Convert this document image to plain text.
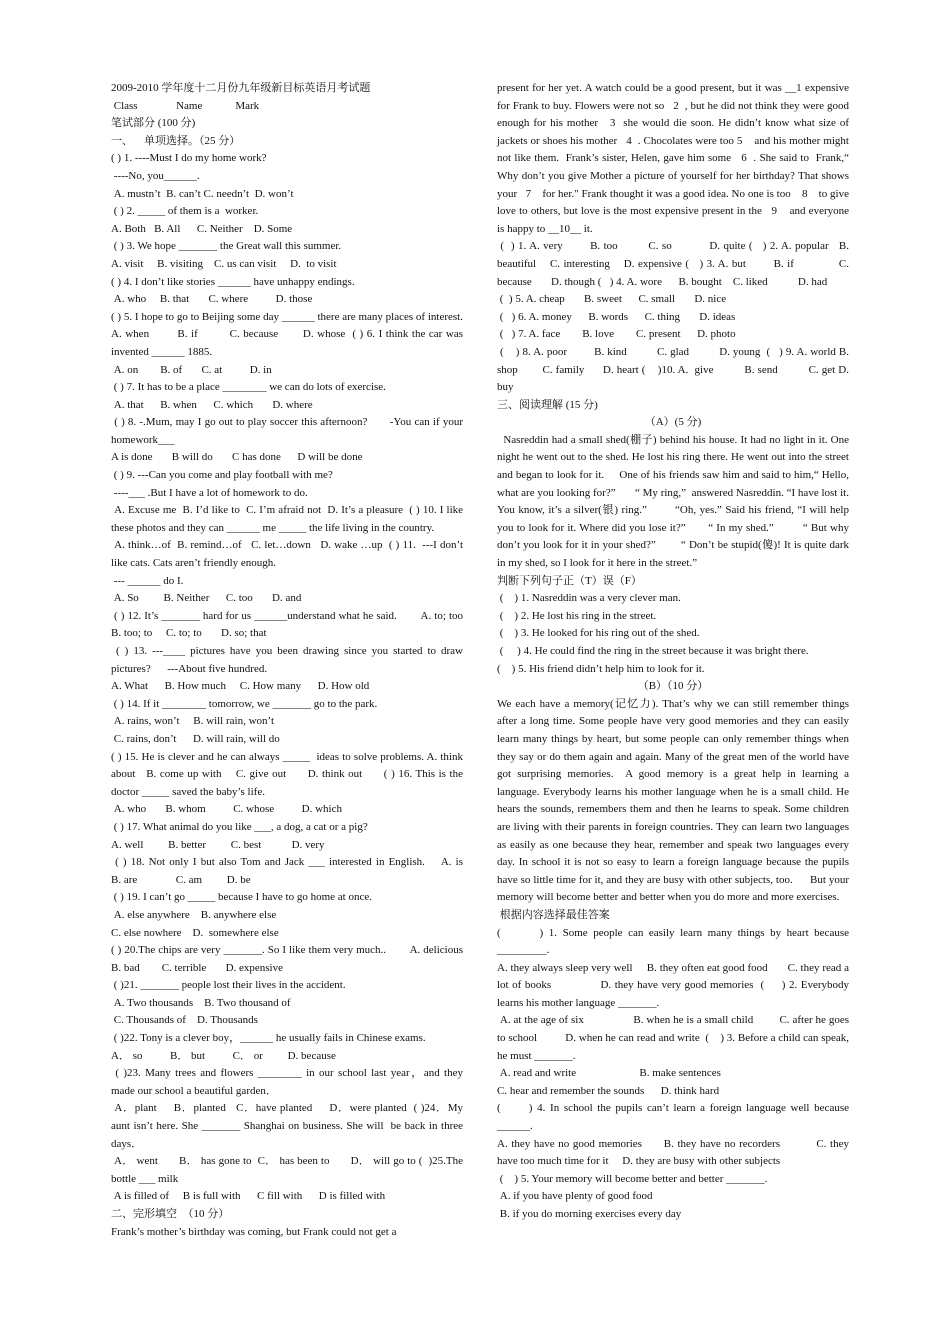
2009-2010 学年度十二月份九年级新目标英语月考试题
Class              Name            Mark
笔试部分 (100 分)
一、    单项选择。（25 分）
( ) 1. ----Must I do my home work?
----No, you______.
A. mustn’t  B. can’t C. needn’t  D. won’t
( ) 2. _____ of them is a  worker.
A. Both   B. All      C. Neither    D. Some
( ) 3. We hope _______ the Great wall this summer.
A. visit     B. visiting    C. us can visit     D.  to visit
( ) 4. I don’t like stories ______ have unhappy endings.
A. who     B. that       C. where          D. those
( ) 5. I hope to go to Beijing some day ______ there are many places of interest.   A. when        B. if         C. because       D. whose  ( ) 6. I think the car was invented ______ 1885.
A. on        B. of       C. at          D. in
( ) 7. It has to be a place ________ we can do lots of exercise.
A. that      B. when      C. which       D. where
( ) 8. -.Mum, may I go out to play soccer this afternoon?       -You can if your homework___
A is done       B will do       C has done      D will be done
( ) 9. ---Can you come and play football with me?
----___ .But I have a lot of homework to do.
A. Excuse me  B. I’d like to  C. I’m afraid not  D. It’s a pleasure  ( ) 10. I like these photos and they can ______ me _____ the life living in the country.
A. think…of  B. remind…of   C. let…down   D. wake …up  ( ) 11.  ---I don’t like cats. Cats aren’t friendly enough.
--- ______ do I.
A. So         B. Neither      C. too       D. and
( ) 12. It’s _______ hard for us ______understand what he said.        A. to; too    B. too; to     C. to; to       D. so; that
( ) 13. ---____ pictures have you been drawing since you started to draw pictures?      ---About five hundred.
A. What      B. How much     C. How many      D. How old
( ) 14. If it ________ tomorrow, we _______ go to the park.
A. rains, won’t     B. will rain, won’t
C. rains, don’t      D. will rain, will do
( ) 15. He is clever and he can always _____  ideas to solve problems. A. think about   B. come up with    C. give out      D. think out      ( ) 16. This is the doctor _____ saved the baby’s life.
A. who       B. whom          C. whose          D. which
( ) 17. What animal do you like ___, a dog, a cat or a pig?
A. well         B. better         C. best           D. very
( ) 18. Not only I but also Tom and Jack ___ interested in English.    A. is            B. are              C. am         D. be
( ) 19. I can’t go _____ because I have to go home at once.
A. else anywhere    B. anywhere else
C. else nowhere    D.  somewhere else
( ) 20.The chips are very _______. So I like them very much..        A. delicious    B. bad        C. terrible       D. expensive
( )21. _______ people lost their lives in the accident.
A. Two thousands    B. Two thousand of
C. Thousands of    D. Thousands
( )22. Tony is a clever boy，______ he usually fails in Chinese exams.
A． so          B． but          C． or         D. because
( )23. Many trees and flowers ________ in our school last year，and they made our school a beautiful garden．
A．plant     B．planted   C．have planted     D．were planted  ( )24．My aunt isn’t here. She _______ Shanghai on business. She will  be back in three days．
A． went       B． has gone to  C． has been to       D． will go to (  )25.The bottle ___ milk
A is filled of     B is full with      C fill with      D is filled with
二、完形填空  （10 分）
Frank’s mother’s birthday was coming, but Frank could not get a
present for her yet. A watch could be a good present, but it was __1 expensive for Frank to buy. Flowers were not so   2  , but he did not think they were good enough for his mother   3  she would die soon. He didn’t know what size of jackets or shoes his mother   4  . Chocolates were too 5    and his mother might not like them.  Frank’s sister, Helen, gave him some   6  . She said to  Frank,“ Why don’t you give Mother a picture of yourself for her birthday? That shows your   7    for her." Frank thought it was a good idea. No one is too    8    to give love to others, but love is the most expensive present in the   9    and everyone is happy to __10__ it.
(  ) 1. A. very        B. too         C. so           D. quite (   ) 2. A. popular   B. beautiful    C. interesting    D. expensive (   ) 3. A. but        B. if             C. because       D. though (   ) 4. A. wore      B. bought    C. liked           D. had
(  ) 5. A. cheap       B. sweet      C. small       D. nice
(   ) 6. A. money      B. words      C. thing       D. ideas
(   ) 7. A. face        B. love        C. present      D. photo
(    ) 8. A. poor         B. kind          C. glad          D. young  (   ) 9. A. world B. shop        C. family      D. heart (    )10. A.  give          B. send          C. get D. buy
三、阅读理解 (15 分)
（A）(5 分)
Nasreddin had a small shed(棚子) behind his house. It had no light in it. One night he went out to the shed. He lost his ring there. He went out into the street and began to look for it.     One of his friends saw him and said to him,“ Hello, what are you looking for?”       “ My ring,”  answered Nasreddin. “I have lost it. You know, it’s a silver(银) ring.”        “Oh, yes.” Said his friend, “I will help you to look for it. Where did you lose it?”       “ In my shed.”         “ But why don’t you look for it in your shed?”        “ Don’t be stupid(傻)! It is quite dark in my shed, so I look for it here in the street.”
判断下列句子正（T）误（F）
(    ) 1. Nasreddin was a very clever man.
(    ) 2. He lost his ring in the street.
(    ) 3. He looked for his ring out of the shed.
(     ) 4. He could find the ring in the street because it was bright there.
(    ) 5. His friend didn’t help him to look for it.
（B）（10 分）
We each have a memory(记忆力). That’s why we can still remember things after a long time. Some people have very good memories and they can easily learn many things by heart, but some people can only remember things when they say or do them again and again. Many of the great men of the world have got surprising memories.  A good memory is a great help in learning a language. Everybody learns his mother language when he is a small child. He hears the sounds, remembers them and then he learns to speak. Some children are living with their parents in foreign countries. They can learn two languages as easily as one because they hear, remember and speak two languages every day. In school it is not so easy to learn a foreign language because the pupils have so little time for it, and they are busy with other subjects, too.      But your memory will become better and better when you do more and more exercises.
根据内容选择最佳答案
(       ) 1. Some people can easily learn many things by heart because _________.
A. they always sleep very well     B. they often eat good food       C. they read a lot of books              D. they have very good memories  (     ) 2. Everybody learns his mother language _______.
A. at the age of six                 B. when he is a small child         C. after he goes to school          D. when he can read and write  (    ) 3. Before a child can speak, he must _______.
A. read and write                       B. make sentences
C. hear and remember the sounds      D. think hard
(      ) 4. In school the pupils can’t learn a foreign language well because ______.
A. they have no good memories      B. they have no recorders          C. they have too much time for it     D. they are busy with other subjects
(    ) 5. Your memory will become better and better _______.
A. if you have plenty of good food
B. if you do morning exercises every day
